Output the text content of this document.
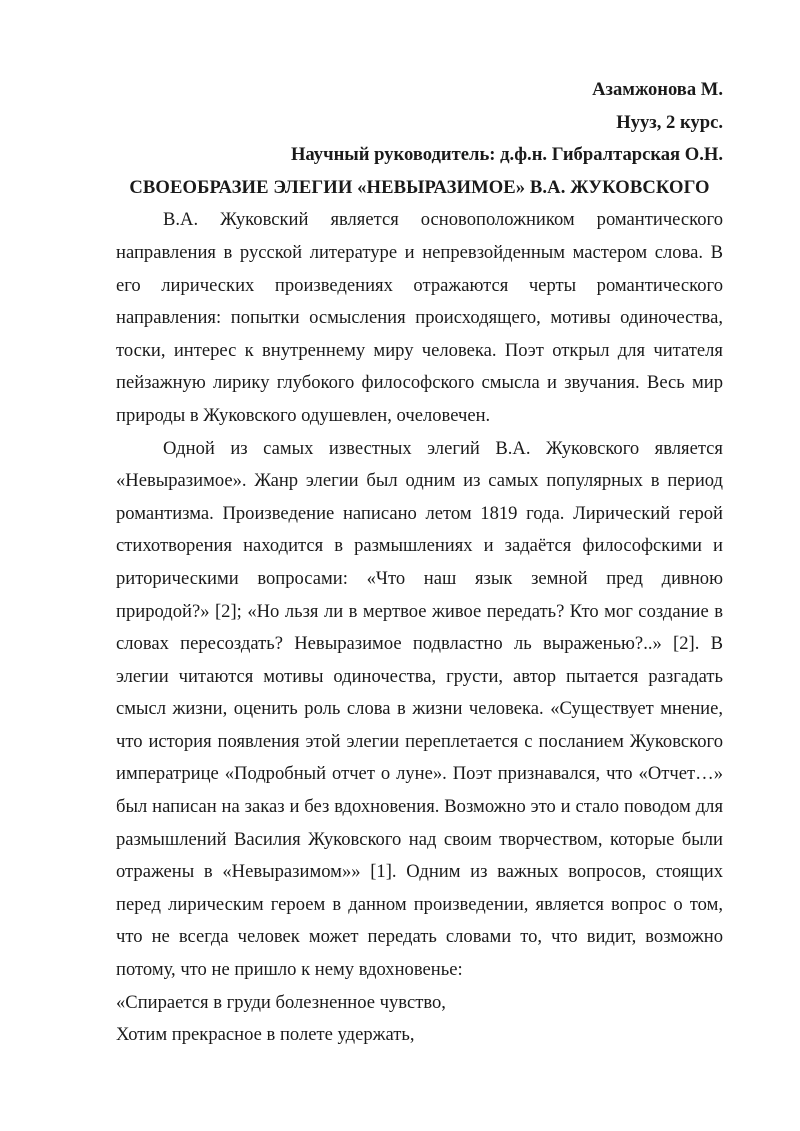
Азамжонова М.

Нууз, 2 курс.

Научный руководитель: д.ф.н. Гибралтарская О.Н.

СВОЕОБРАЗИЕ ЭЛЕГИИ «НЕВЫРАЗИМОЕ» В.А. ЖУКОВСКОГО

В.А. Жуковский является основоположником романтического направления в русской литературе и непревзойденным мастером слова. В его лирических произведениях отражаются черты романтического направления: попытки осмысления происходящего, мотивы одиночества, тоски, интерес к внутреннему миру человека. Поэт открыл для читателя пейзажную лирику глубокого философского смысла и звучания. Весь мир природы в Жуковского одушевлен, очеловечен.

Одной из самых известных элегий В.А. Жуковского является «Невыразимое». Жанр элегии был одним из самых популярных в период романтизма. Произведение написано летом 1819 года. Лирический герой стихотворения находится в размышлениях и задаётся философскими и риторическими вопросами: «Что наш язык земной пред дивною природой?» [2]; «Но льзя ли в мертвое живое передать? Кто мог создание в словах пересоздать? Невыразимое подвластно ль выраженью?..» [2]. В элегии читаются мотивы одиночества, грусти, автор пытается разгадать смысл жизни, оценить роль слова в жизни человека. «Существует мнение, что история появления этой элегии переплетается с посланием Жуковского императрице «Подробный отчет о луне». Поэт признавался, что «Отчет…» был написан на заказ и без вдохновения. Возможно это и стало поводом для размышлений Василия Жуковского над своим творчеством, которые были отражены в «Невыразимом»» [1]. Одним из важных вопросов, стоящих перед лирическим героем в данном произведении, является вопрос о том, что не всегда человек может передать словами то, что видит, возможно потому, что не пришло к нему вдохновенье:

«Спирается в груди болезненное чувство,

Хотим прекрасное в полете удержать,
